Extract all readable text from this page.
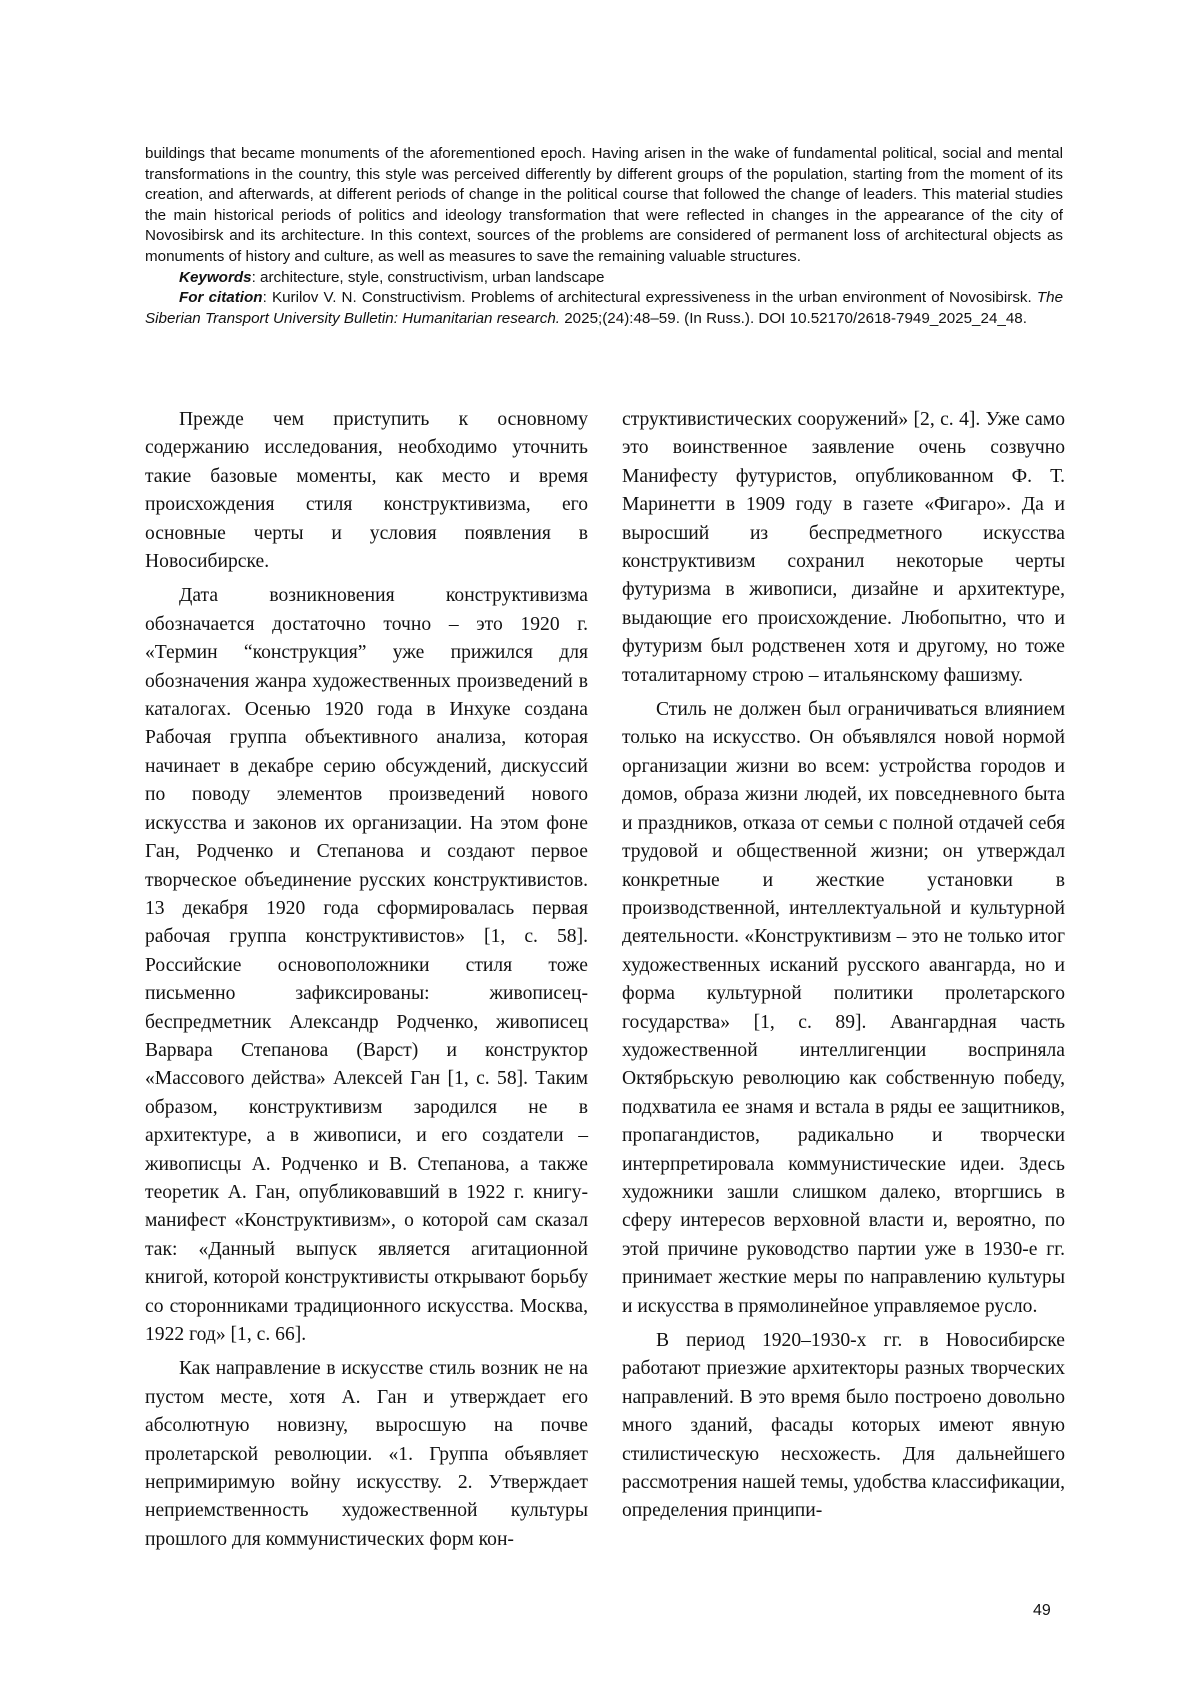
buildings that became monuments of the aforementioned epoch. Having arisen in the wake of fundamental political, social and mental transformations in the country, this style was perceived differently by different groups of the population, starting from the moment of its creation, and afterwards, at different periods of change in the political course that followed the change of leaders. This material studies the main historical periods of politics and ideology transformation that were reflected in changes in the appearance of the city of Novosibirsk and its architecture. In this context, sources of the problems are considered of permanent loss of architectural objects as monuments of history and culture, as well as measures to save the remaining valuable structures.

Keywords: architecture, style, constructivism, urban landscape

For citation: Kurilov V. N. Constructivism. Problems of architectural expressiveness in the urban environment of Novosibirsk. The Siberian Transport University Bulletin: Humanitarian research. 2025;(24):48–59. (In Russ.). DOI 10.52170/2618-7949_2025_24_48.

Прежде чем приступить к основному содержанию исследования, необходимо уточнить такие базовые моменты, как место и время происхождения стиля конструктивизма, его основные черты и условия появления в Новосибирске.

Дата возникновения конструктивизма обозначается достаточно точно – это 1920 г. «Термин “конструкция” уже прижился для обозначения жанра художественных произведений в каталогах. Осенью 1920 года в Инхуке создана Рабочая группа объективного анализа, которая начинает в декабре серию обсуждений, дискуссий по поводу элементов произведений нового искусства и законов их организации. На этом фоне Ган, Родченко и Степанова и создают первое творческое объединение русских конструктивистов. 13 декабря 1920 года сформировалась первая рабочая группа конструктивистов» [1, с. 58]. Российские основоположники стиля тоже письменно зафиксированы: живописец-беспредметник Александр Родченко, живописец Варвара Степанова (Варст) и конструктор «Массового действа» Алексей Ган [1, с. 58]. Таким образом, конструктивизм зародился не в архитектуре, а в живописи, и его создатели – живописцы А. Родченко и В. Степанова, а также теоретик А. Ган, опубликовавший в 1922 г. книгу-манифест «Конструктивизм», о которой сам сказал так: «Данный выпуск является агитационной книгой, которой конструктивисты открывают борьбу со сторонниками традиционного искусства. Москва, 1922 год» [1, с. 66].

Как направление в искусстве стиль возник не на пустом месте, хотя А. Ган и утверждает его абсолютную новизну, выросшую на почве пролетарской революции. «1. Группа объявляет непримиримую войну искусству. 2. Утверждает неприемственность художественной культуры прошлого для коммунистических форм кон-

структивистических сооружений» [2, с. 4]. Уже само это воинственное заявление очень созвучно Манифесту футуристов, опубликованном Ф. Т. Маринетти в 1909 году в газете «Фигаро». Да и выросший из беспредметного искусства конструктивизм сохранил некоторые черты футуризма в живописи, дизайне и архитектуре, выдающие его происхождение. Любопытно, что и футуризм был родственен хотя и другому, но тоже тоталитарному строю – итальянскому фашизму.

Стиль не должен был ограничиваться влиянием только на искусство. Он объявлялся новой нормой организации жизни во всем: устройства городов и домов, образа жизни людей, их повседневного быта и праздников, отказа от семьи с полной отдачей себя трудовой и общественной жизни; он утверждал конкретные и жесткие установки в производственной, интеллектуальной и культурной деятельности. «Конструктивизм – это не только итог художественных исканий русского авангарда, но и форма культурной политики пролетарского государства» [1, с. 89]. Авангардная часть художественной интеллигенции восприняла Октябрьскую революцию как собственную победу, подхватила ее знамя и встала в ряды ее защитников, пропагандистов, радикально и творчески интерпретировала коммунистические идеи. Здесь художники зашли слишком далеко, вторгшись в сферу интересов верховной власти и, вероятно, по этой причине руководство партии уже в 1930-е гг. принимает жесткие меры по направлению культуры и искусства в прямолинейное управляемое русло.

В период 1920–1930-х гг. в Новосибирске работают приезжие архитекторы разных творческих направлений. В это время было построено довольно много зданий, фасады которых имеют явную стилистическую несхожесть. Для дальнейшего рассмотрения нашей темы, удобства классификации, определения принципи-

49
